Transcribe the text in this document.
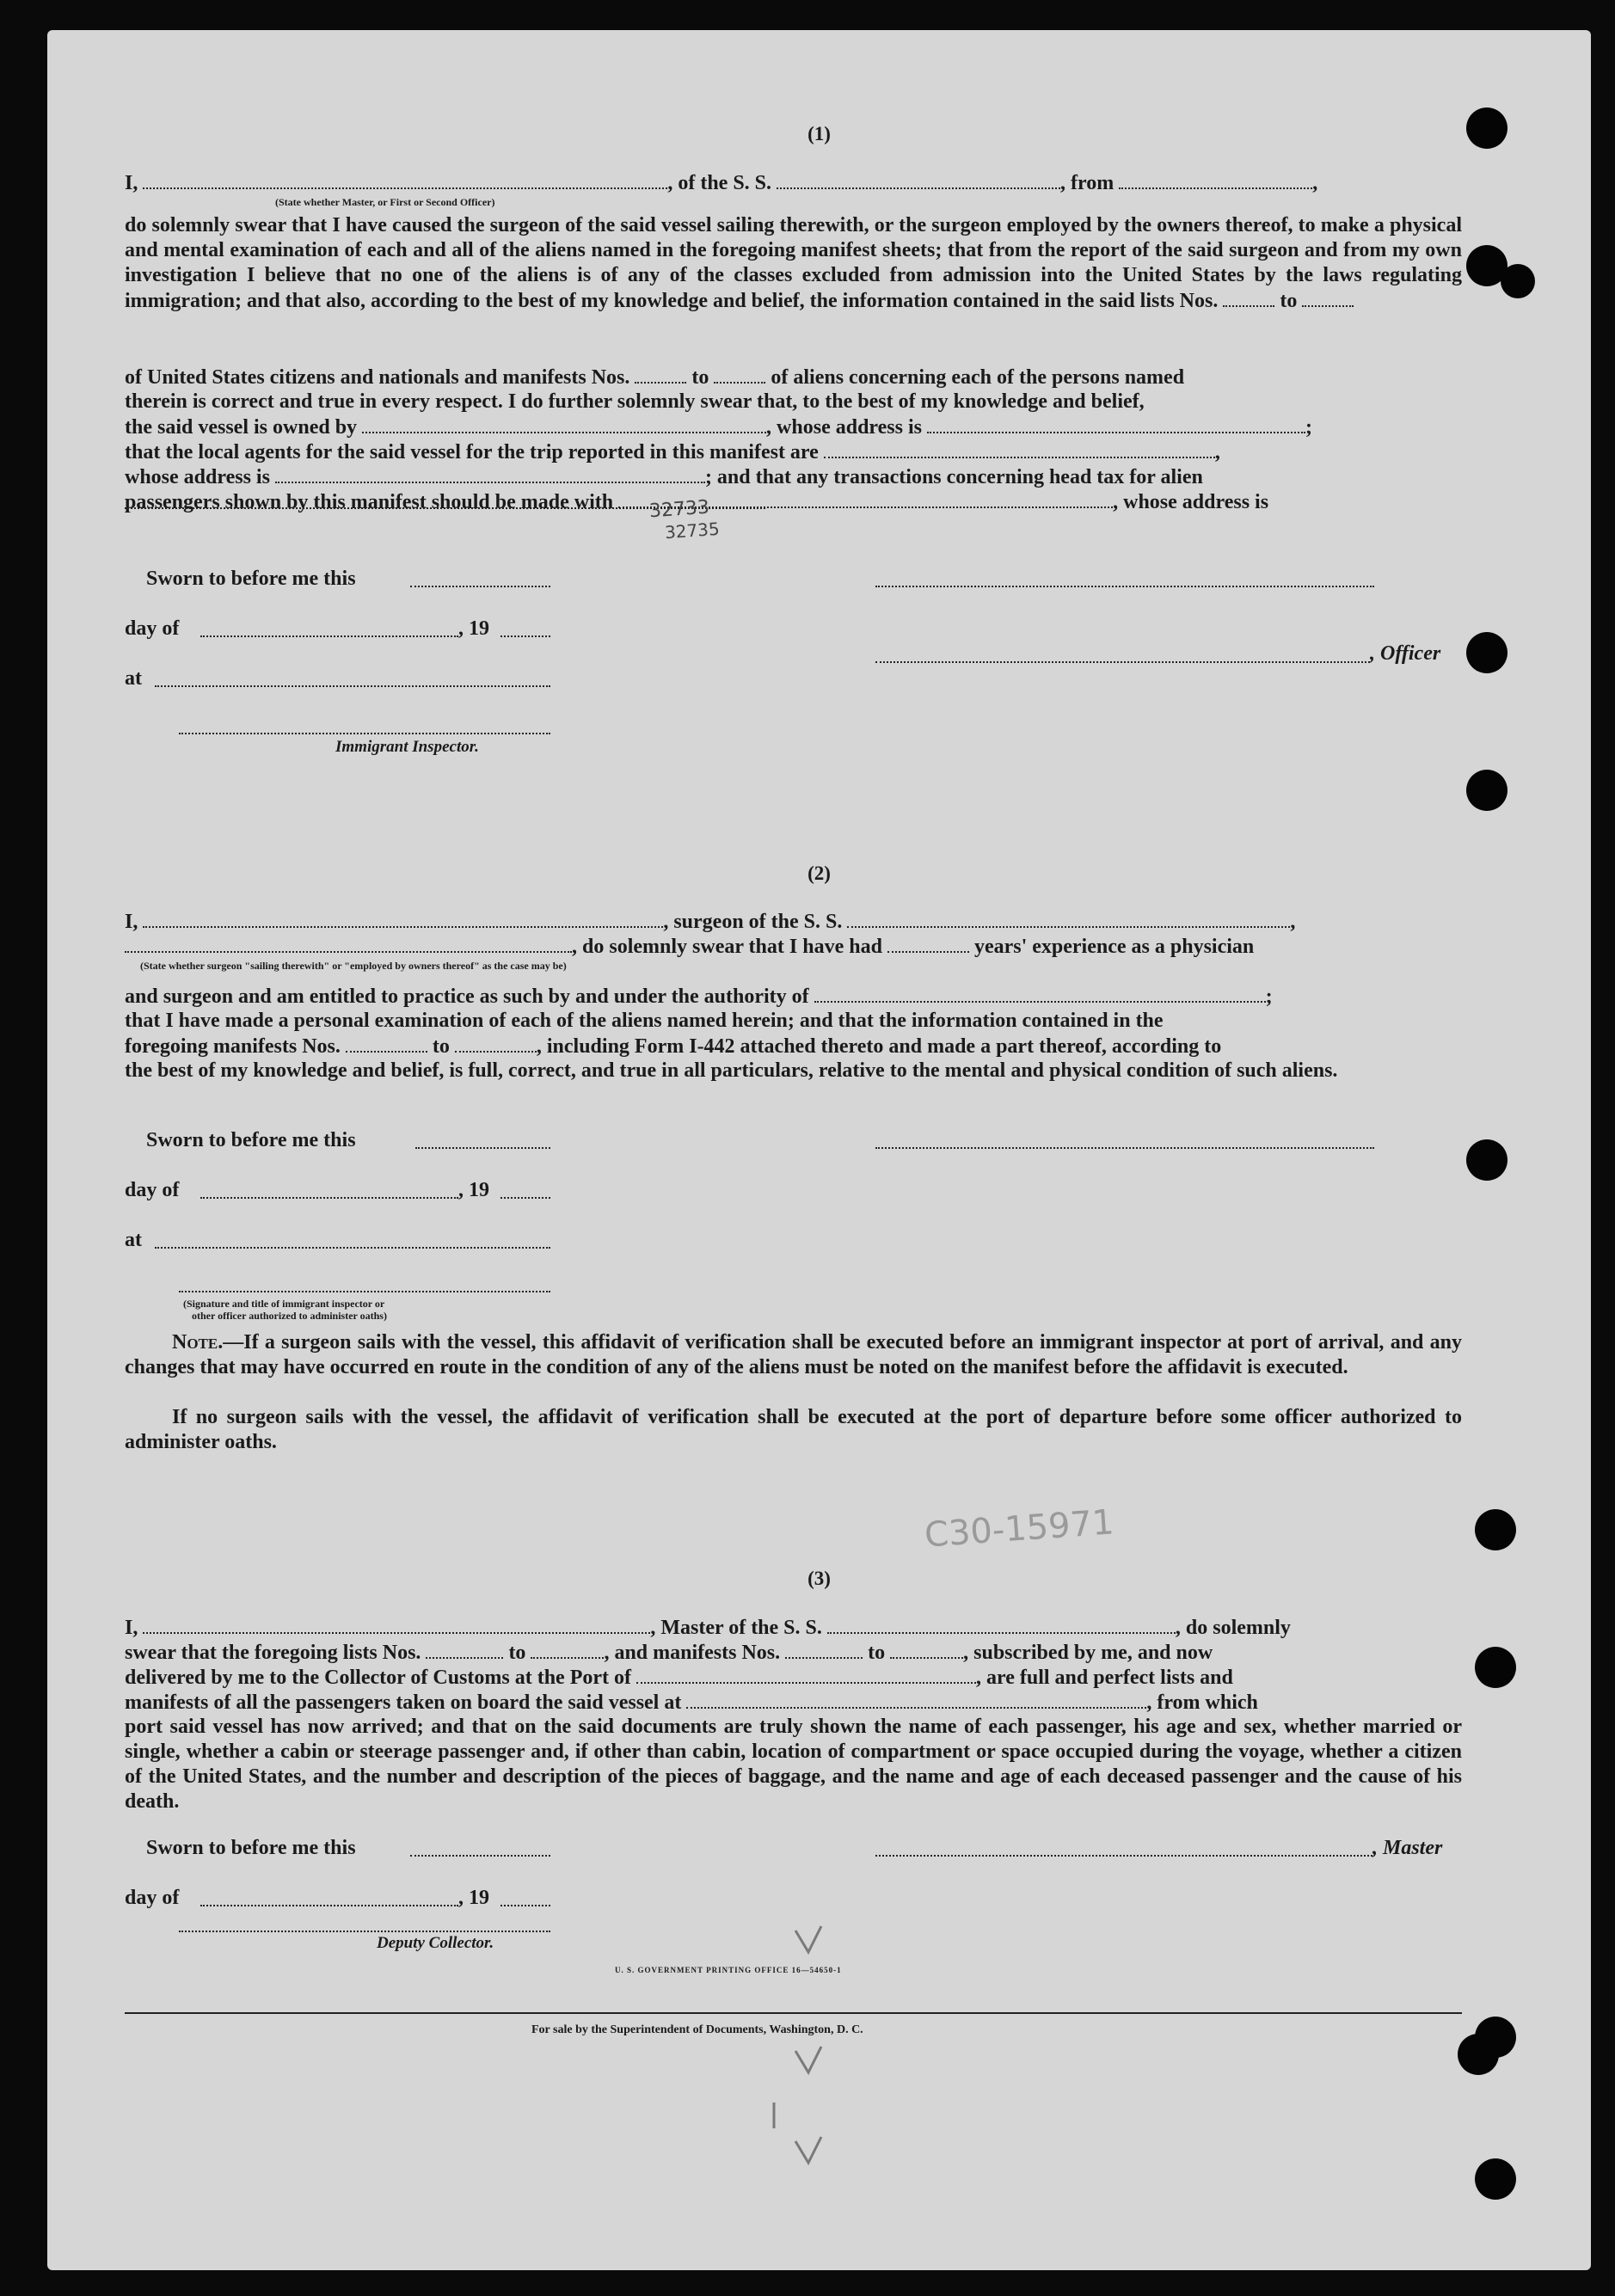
(1)
I,	, of the S. S.	, from	,
(State whether Master, or First or Second Officer)
do solemnly swear that I have caused the surgeon of the said vessel sailing therewith, or the surgeon employed by the owners thereof, to make a physical and mental examination of each and all of the aliens named in the foregoing manifest sheets; that from the report of the said surgeon and from my own investigation I believe that no one of the aliens is of any of the classes excluded from admission into the United States by the laws regulating immigration; and that also, according to the best of my knowledge and belief, the information contained in the said lists Nos.	to
of United States citizens and nationals and manifests Nos.	to	of aliens concerning each of the persons named
therein is correct and true in every respect. I do further solemnly swear that, to the best of my knowledge and belief,
the said vessel is owned by	, whose address is	;
that the local agents for the said vessel for the trip reported in this manifest are	,
whose address is	; and that any transactions concerning head tax for alien
passengers shown by this manifest should be made with	, whose address is
Sworn to before me this
day of	, 19
, Officer
at
Immigrant Inspector.
(2)
I,	, surgeon of the S. S.	,
, do solemnly swear that I have had	years' experience as a physician
(State whether surgeon "sailing therewith" or "employed by owners thereof" as the case may be)
and surgeon and am entitled to practice as such by and under the authority of	;
that I have made a personal examination of each of the aliens named herein; and that the information contained in the
foregoing manifests Nos.	to	, including Form I-442 attached thereto and made a part thereof, according to
the best of my knowledge and belief, is full, correct, and true in all particulars, relative to the mental and physical condition of such aliens.
Sworn to before me this
day of	, 19
at
(Signature and title of immigrant inspector or
other officer authorized to administer oaths)
Note.—If a surgeon sails with the vessel, this affidavit of verification shall be executed before an immigrant inspector at port of arrival, and any changes that may have occurred en route in the condition of any of the aliens must be noted on the manifest before the affidavit is executed.
If no surgeon sails with the vessel, the affidavit of verification shall be executed at the port of departure before some officer authorized to administer oaths.
(3)
I,	, Master of the S. S.	, do solemnly
swear that the foregoing lists Nos.	to	, and manifests Nos.	to	, subscribed by me, and now
delivered by me to the Collector of Customs at the Port of	, are full and perfect lists and
manifests of all the passengers taken on board the said vessel at	, from which
port said vessel has now arrived; and that on the said documents are truly shown the name of each passenger, his age and sex, whether married or single, whether a cabin or steerage passenger and, if other than cabin, location of compartment or space occupied during the voyage, whether a citizen of the United States, and the number and description of the pieces of baggage, and the name and age of each deceased passenger and the cause of his death.
Sworn to before me this	, Master
day of	, 19
Deputy Collector.
U. S. GOVERNMENT PRINTING OFFICE 16—54650-1
For sale by the Superintendent of Documents, Washington, D. C.
32733
32735
C30-15971
